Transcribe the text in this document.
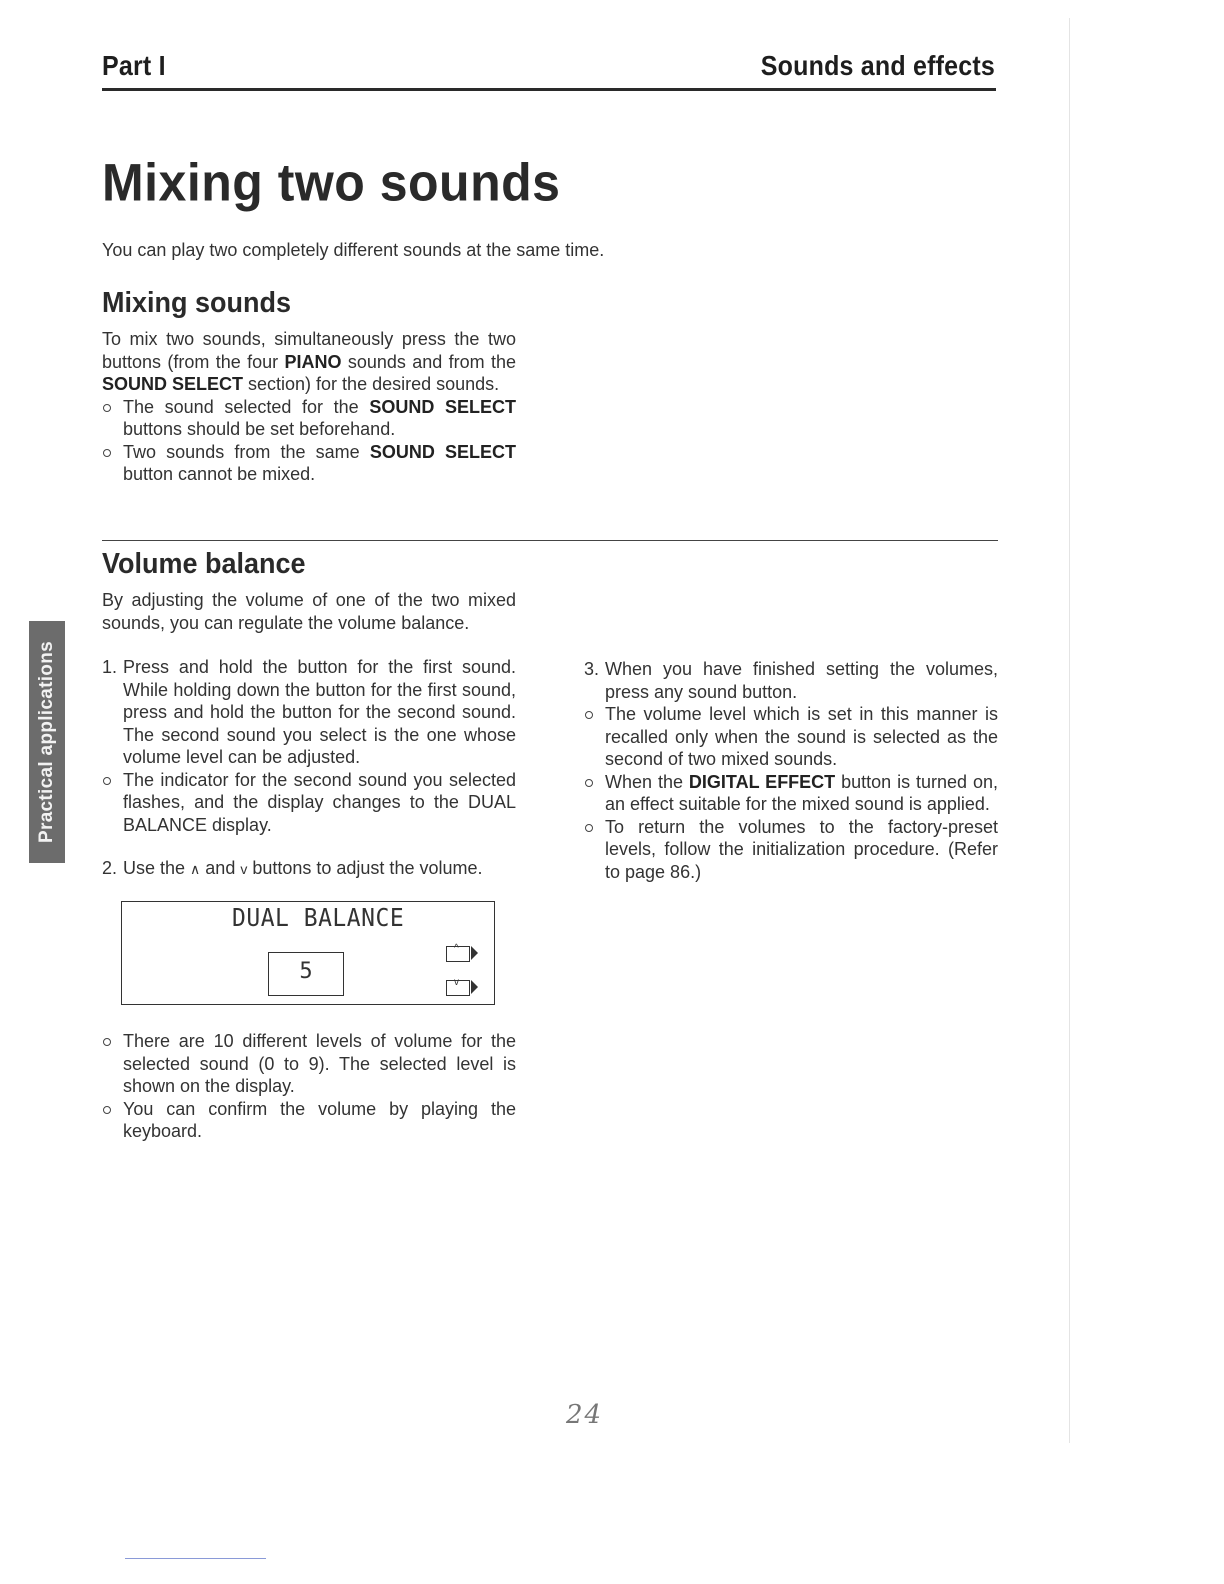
Part I	Sounds and effects
Mixing two sounds
You can play two completely different sounds at the same time.
Mixing sounds

To mix two sounds, simultaneously press the two buttons (from the four PIANO sounds and from the SOUND SELECT section) for the desired sounds.

The sound selected for the SOUND SELECT buttons should be set beforehand.

Two sounds from the same SOUND SELECT button cannot be mixed.

Volume balance
By adjusting the volume of one of the two mixed sounds, you can regulate the volume balance.

1. Press and hold the button for the first sound. While holding down the button for the first sound, press and hold the button for the second sound. The second sound you select is the one whose volume level can be adjusted.

The indicator for the second sound you selected flashes, and the display changes to the DUAL BALANCE display.

2. Use the ∧ and v buttons to adjust the volume.

DUAL BALANCE
5
^
v

There are 10 different levels of volume for the selected sound (0 to 9). The selected level is shown on the display.

You can confirm the volume by playing the keyboard.

3. When you have finished setting the volumes, press any sound button.

The volume level which is set in this manner is recalled only when the sound is selected as the second of two mixed sounds.

When the DIGITAL EFFECT button is turned on, an effect suitable for the mixed sound is applied.

To return the volumes to the factory-preset levels, follow the initialization procedure. (Refer to page 86.)

Practical applications
24
